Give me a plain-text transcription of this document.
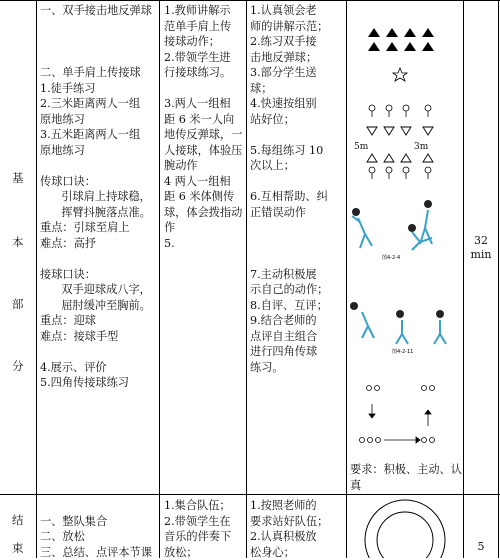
基
本
部
分
结
束
32
min
5
一、双手接击地反弹球

二、单手肩上传接球
1.徒手练习
2.三米距离两人一组
原地练习
3.五米距离两人一组
原地练习

传球口诀：
引球肩上持球稳，
挥臂抖腕落点准。
重点：引球至肩上
难点：高抒

接球口诀：
双手迎球成八字，
屈肘缓冲至胸前。
重点：迎球
难点：接球手型

4.展示、评价
5.四角传接球练习
1.教师讲解示
范单手肩上传
接球动作；
2.带领学生进
行接球练习。

3.两人一组相
距 6 米一人向
地传反弹球，一
人接球，体验压
腕动作
4 两人一组相
距 6 米体侧传
球，体会拨指动
作
5.
1.认真领会老
师的讲解示范；
2.练习双手接
击地反弹球；
3.部分学生送
球；
4.快速按组别
站好位；

5.每组练习 10
次以上；

6.互相帮助、纠
正错误动作

7.主动积极展
示自己的动作；
8.自评、互评；
9.结合老师的
点评自主组合
进行四角传球
练习。

一、整队集合
二、放松
三、总结、点评本节课
1.集合队伍；
2.带领学生在
音乐的伴奏下
放松；
1.按照老师的
要求站好队伍；
2.认真积极放
松身心；
图4-2-4
图4-2-11
5m	3m
要求：积极、主动、认
真
